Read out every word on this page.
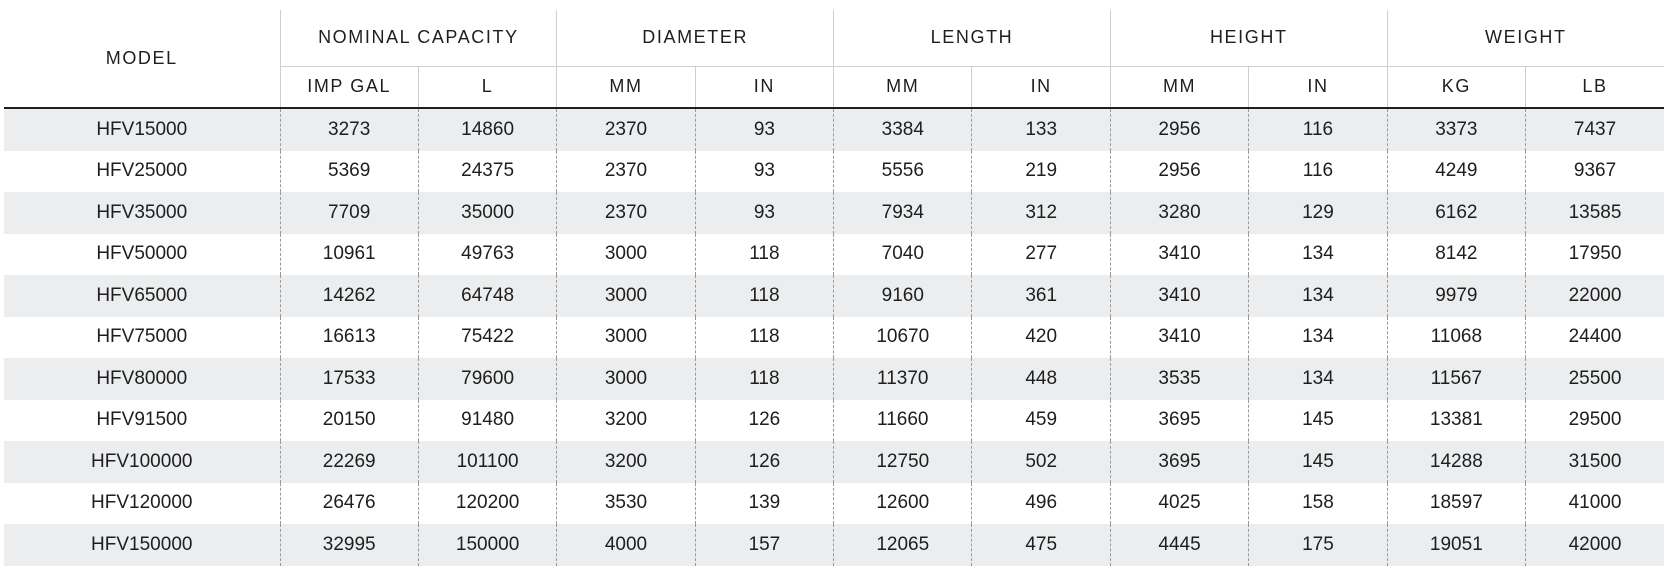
MODEL	NOMINAL CAPACITY		DIAMETER		LENGTH		HEIGHT		WEIGHT	
	IMP GAL	L	MM	IN	MM	IN	MM	IN	KG	LB
HFV15000	3273	14860	2370	93	3384	133	2956	116	3373	7437
HFV25000	5369	24375	2370	93	5556	219	2956	116	4249	9367
HFV35000	7709	35000	2370	93	7934	312	3280	129	6162	13585
HFV50000	10961	49763	3000	118	7040	277	3410	134	8142	17950
HFV65000	14262	64748	3000	118	9160	361	3410	134	9979	22000
HFV75000	16613	75422	3000	118	10670	420	3410	134	11068	24400
HFV80000	17533	79600	3000	118	11370	448	3535	134	11567	25500
HFV91500	20150	91480	3200	126	11660	459	3695	145	13381	29500
HFV100000	22269	101100	3200	126	12750	502	3695	145	14288	31500
HFV120000	26476	120200	3530	139	12600	496	4025	158	18597	41000
HFV150000	32995	150000	4000	157	12065	475	4445	175	19051	42000
